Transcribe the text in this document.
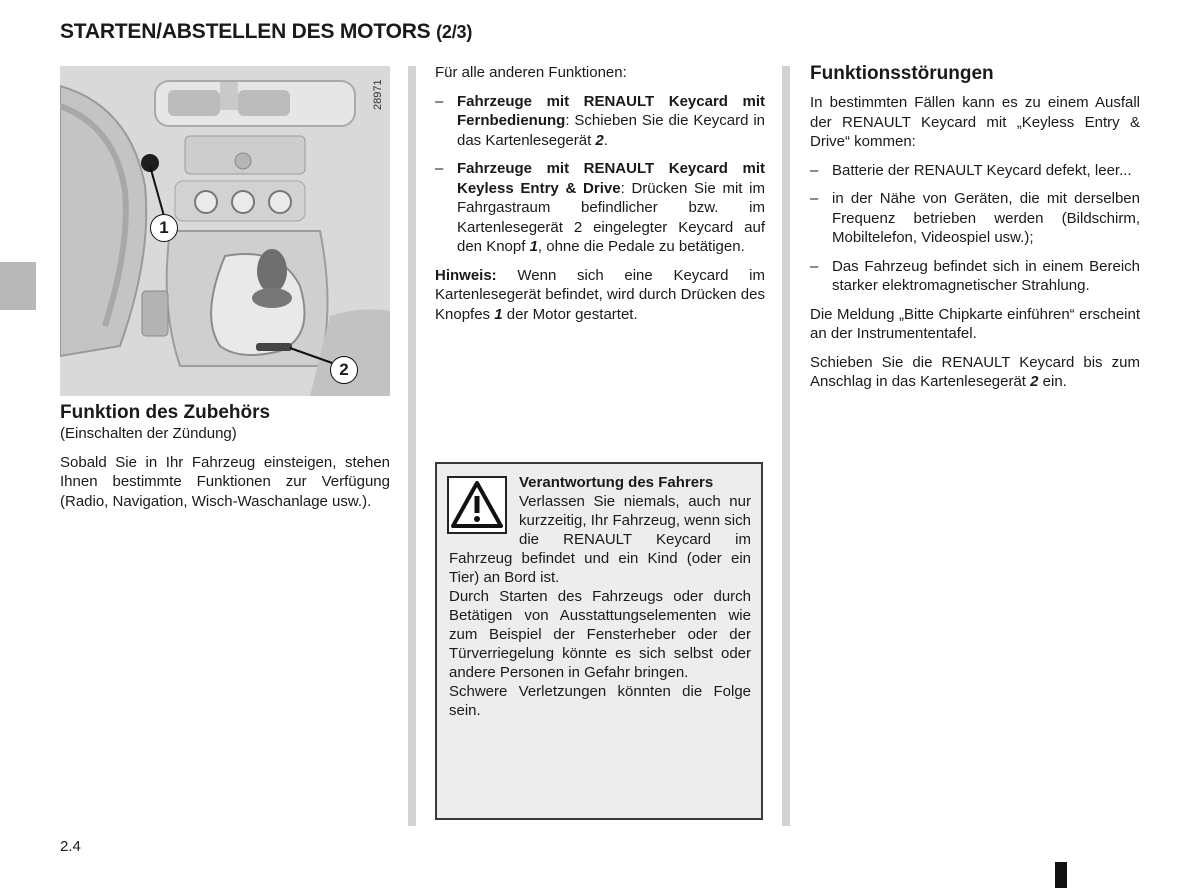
STARTEN/ABSTELLEN DES MOTORS (2/3)
28971
1
2
Funktion des Zubehörs
(Einschalten der Zündung)

Sobald Sie in Ihr Fahrzeug einsteigen, stehen Ihnen bestimmte Funktionen zur Verfügung (Radio, Navigation, Wisch-Waschanlage usw.).

Für alle anderen Funktionen:

– Fahrzeuge mit RENAULT Keycard mit Fernbedienung: Schieben Sie die Keycard in das Kartenlesegerät 2.
– Fahrzeuge mit RENAULT Keycard mit Keyless Entry & Drive: Drücken Sie mit im Fahrgastraum befindlicher bzw. im Kartenlesegerät 2 eingelegter Keycard auf den Knopf 1, ohne die Pedale zu betätigen.

Hinweis: Wenn sich eine Keycard im Kartenlesegerät befindet, wird durch Drücken des Knopfes 1 der Motor gestartet.

Verantwortung des Fahrers

Verlassen Sie niemals, auch nur kurzzeitig, Ihr Fahrzeug, wenn sich die RENAULT Keycard im Fahrzeug befindet und ein Kind (oder ein Tier) an Bord ist.

Durch Starten des Fahrzeugs oder durch Betätigen von Ausstattungselementen wie zum Beispiel der Fensterheber oder der Türverriegelung könnte es sich selbst oder andere Personen in Gefahr bringen.

Schwere Verletzungen könnten die Folge sein.

Funktionsstörungen

In bestimmten Fällen kann es zu einem Ausfall der RENAULT Keycard mit „Keyless Entry & Drive“ kommen:

– Batterie der RENAULT Keycard defekt, leer...
– in der Nähe von Geräten, die mit derselben Frequenz betrieben werden (Bildschirm, Mobiltelefon, Videospiel usw.);
– Das Fahrzeug befindet sich in einem Bereich starker elektromagnetischer Strahlung.

Die Meldung „Bitte Chipkarte einführen“ erscheint an der Instrumententafel.

Schieben Sie die RENAULT Keycard bis zum Anschlag in das Kartenlesegerät 2 ein.

2.4
